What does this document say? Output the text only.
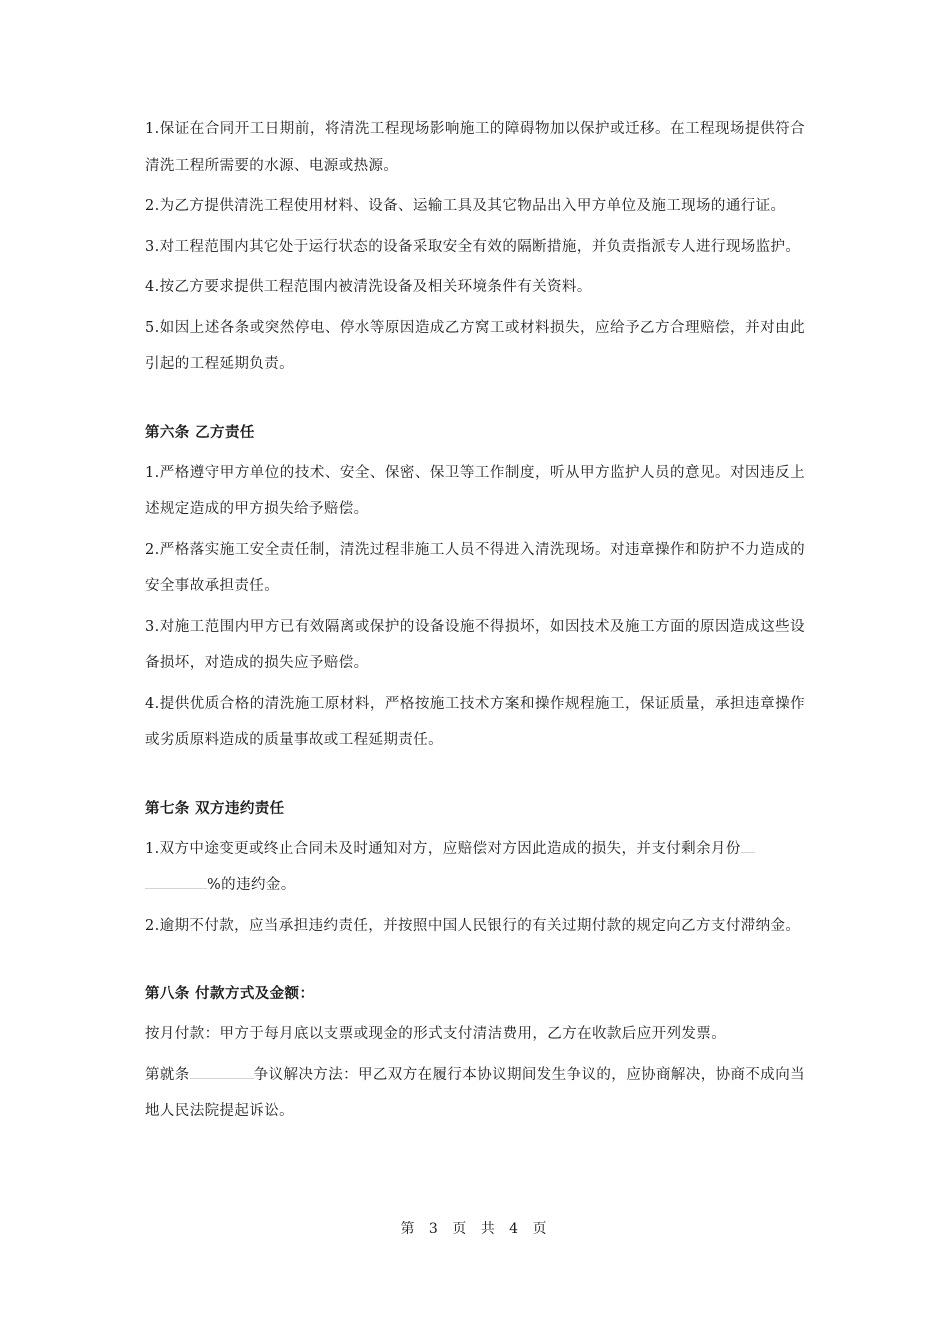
1.保证在合同开工日期前，将清洗工程现场影响施工的障碍物加以保护或迁移。在工程现场提供符合清洗工程所需要的水源、电源或热源。

2.为乙方提供清洗工程使用材料、设备、运输工具及其它物品出入甲方单位及施工现场的通行证。

3.对工程范围内其它处于运行状态的设备采取安全有效的隔断措施，并负责指派专人进行现场监护。

4.按乙方要求提供工程范围内被清洗设备及相关环境条件有关资料。

5.如因上述各条或突然停电、停水等原因造成乙方窝工或材料损失，应给予乙方合理赔偿，并对由此引起的工程延期负责。

第六条 乙方责任

1.严格遵守甲方单位的技术、安全、保密、保卫等工作制度，听从甲方监护人员的意见。对因违反上述规定造成的甲方损失给予赔偿。

2.严格落实施工安全责任制，清洗过程非施工人员不得进入清洗现场。对违章操作和防护不力造成的安全事故承担责任。

3.对施工范围内甲方已有效隔离或保护的设备设施不得损坏，如因技术及施工方面的原因造成这些设备损坏，对造成的损失应予赔偿。

4.提供优质合格的清洗施工原材料，严格按施工技术方案和操作规程施工，保证质量，承担违章操作或劣质原料造成的质量事故或工程延期责任。

第七条 双方违约责任

1.双方中途变更或终止合同未及时通知对方，应赔偿对方因此造成的损失，并支付剩余月份
%的违约金。

2.逾期不付款，应当承担违约责任，并按照中国人民银行的有关过期付款的规定向乙方支付滞纳金。

第八条 付款方式及金额：

按月付款：甲方于每月底以支票或现金的形式支付清洁费用，乙方在收款后应开列发票。

第就条	争议解决方法：甲乙双方在履行本协议期间发生争议的，应协商解决，协商不成向当地人民法院提起诉讼。

第 3 页 共 4 页
